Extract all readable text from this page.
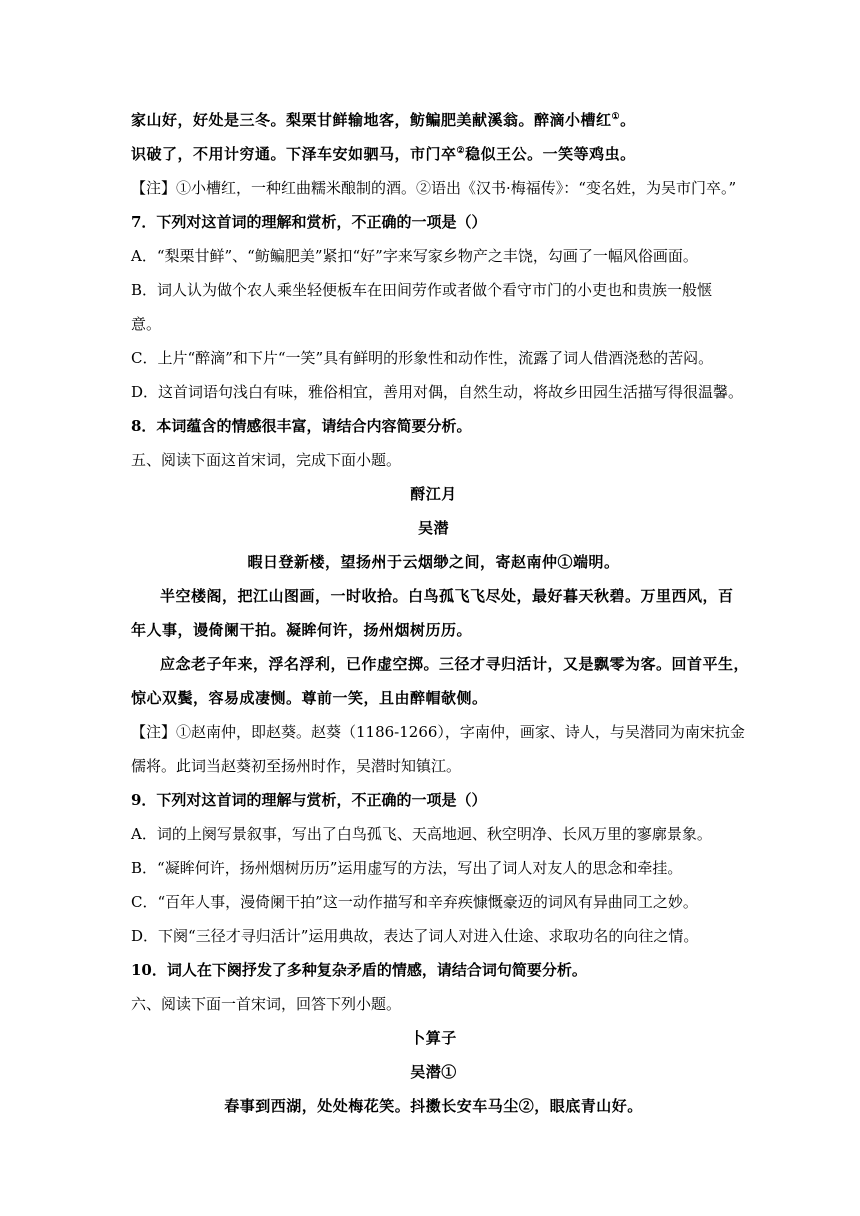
家山好，好处是三冬。梨栗甘鲜输地客，鲂鳊肥美献溪翁。醉滴小槽红①。
识破了，不用计穷通。下泽车安如驷马，市门卒②稳似王公。一笑等鸡虫。
【注】①小槽红，一种红曲糯米酿制的酒。②语出《汉书·梅福传》：“变名姓，为吴市门卒。”
7．下列对这首词的理解和赏析，不正确的一项是（）
A．“梨栗甘鲜”、“鲂鳊肥美”紧扣“好”字来写家乡物产之丰饶，勾画了一幅风俗画面。
B．词人认为做个农人乘坐轻便板车在田间劳作或者做个看守市门的小吏也和贵族一般惬
意。
C．上片“醉滴”和下片“一笑”具有鲜明的形象性和动作性，流露了词人借酒浇愁的苦闷。
D．这首词语句浅白有味，雅俗相宜，善用对偶，自然生动，将故乡田园生活描写得很温馨。
8．本词蕴含的情感很丰富，请结合内容简要分析。
五、阅读下面这首宋词，完成下面小题。
酹江月
吴潜
暇日登新楼，望扬州于云烟缈之间，寄赵南仲①端明。
半空楼阁，把江山图画，一时收拾。白鸟孤飞飞尽处，最好暮天秋碧。万里西风，百
年人事，谩倚阑干拍。凝眸何许，扬州烟树历历。
应念老子年来，浮名浮利，已作虚空掷。三径才寻归活计，又是飘零为客。回首平生，
惊心双鬓，容易成凄恻。尊前一笑，且由醉帽欹侧。
【注】①赵南仲，即赵葵。赵葵（1186-1266），字南仲，画家、诗人，与吴潜同为南宋抗金
儒将。此词当赵葵初至扬州时作，吴潜时知镇江。
9．下列对这首词的理解与赏析，不正确的一项是（）
A．词的上阕写景叙事，写出了白鸟孤飞、天高地迥、秋空明净、长风万里的寥廓景象。
B．“凝眸何许，扬州烟树历历”运用虚写的方法，写出了词人对友人的思念和牵挂。
C．“百年人事，漫倚阑干拍”这一动作描写和辛弃疾慷慨豪迈的词风有异曲同工之妙。
D．下阕“三径才寻归活计”运用典故，表达了词人对进入仕途、求取功名的向往之情。
10．词人在下阕抒发了多种复杂矛盾的情感，请结合词句简要分析。
六、阅读下面一首宋词，回答下列小题。
卜算子
吴潜①
春事到西湖，处处梅花笑。抖擞长安车马尘②，眼底青山好。
